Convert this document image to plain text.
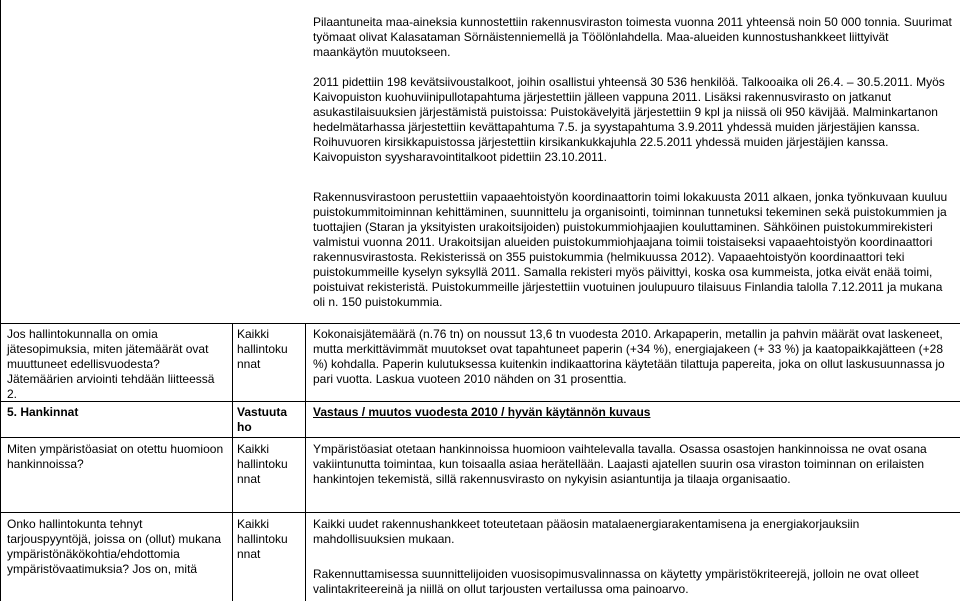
Pilaantuneita maa-aineksia kunnostettiin rakennusviraston toimesta vuonna 2011 yhteensä noin 50 000 tonnia. Suurimat työmaat olivat Kalasataman Sörnäistenniemellä ja Töölönlahdella. Maa-alueiden kunnostushankkeet liittyivät maankäytön muutokseen.

2011 pidettiin 198 kevätsiivoustalkoot, joihin osallistui yhteensä 30 536 henkilöä. Talkooaika oli 26.4. – 30.5.2011. Myös Kaivopuiston kuohuviinipullotapahtuma järjestettiin jälleen vappuna 2011. Lisäksi rakennusvirasto on jatkanut asukastilaisuuksien järjestämistä puistoissa: Puistokävelyitä järjestettiin 9 kpl ja niissä oli 950 kävijää. Malminkartanon hedelmätarhassa järjestettiin kevättapahtuma 7.5. ja syystapahtuma 3.9.2011 yhdessä muiden järjestäjien kanssa. Roihuvuoren kirsikkapuistossa järjestettiin kirsikankukkajuhla 22.5.2011 yhdessä muiden järjestäjien kanssa. Kaivopuiston syysharavointitalkoot pidettiin 23.10.2011.

Rakennusvirastoon perustettiin vapaaehtoistyön koordinaattorin toimi lokakuusta 2011 alkaen, jonka työnkuvaan kuuluu puistokummitoiminnan kehittäminen, suunnittelu ja organisointi, toiminnan tunnetuksi tekeminen sekä puistokummien ja tuottajien (Staran ja yksityisten urakoitsijoiden) puistokummiohjaajien kouluttaminen. Sähköinen puistokummirekisteri valmistui vuonna 2011. Urakoitsijan alueiden puistokummiohjaajana toimii toistaiseksi vapaaehtoistyön koordinaattori rakennusvirastosta. Rekisterissä on 355 puistokummia (helmikuussa 2012). Vapaaehtoistyön koordinaattori teki puistokummeille kyselyn syksyllä 2011. Samalla rekisteri myös päivittyi, koska osa kummeista, jotka eivät enää toimi, poistuivat rekisteristä. Puistokummeille järjestettiin vuotuinen joulupuuro tilaisuus Finlandia talolla 7.12.2011 ja mukana oli n. 150 puistokummia.

Jos hallintokunnalla on omia jätesopimuksia, miten jätemäärät ovat muuttuneet edellisvuodesta? Jätemäärien arviointi tehdään liitteessä 2.

Kaikki hallintoku nnat

Kokonaisjätemäärä (n.76 tn) on noussut 13,6 tn vuodesta 2010. Arkapaperin, metallin ja pahvin määrät ovat laskeneet, mutta merkittävimmät muutokset ovat tapahtuneet paperin (+34 %), energiajakeen (+ 33 %) ja kaatopaikkajätteen (+28 %) kohdalla. Paperin kulutuksessa kuitenkin indikaattorina käytetään tilattuja papereita, joka on ollut laskusuunnassa jo pari vuotta. Laskua vuoteen 2010 nähden on 31 prosenttia.

5. Hankinnat	Vastuuta ho

Vastaus / muutos vuodesta 2010 / hyvän käytännön kuvaus

Miten ympäristöasiat on otettu huomioon hankinnoissa?

Kaikki hallintoku nnat

Ympäristöasiat otetaan hankinnoissa huomioon vaihtelevalla tavalla. Osassa osastojen hankinnoissa ne ovat osana vakiintunutta toimintaa, kun toisaalla asiaa herätellään. Laajasti ajatellen suurin osa viraston toiminnan on erilaisten hankintojen tekemistä, sillä rakennusvirasto on nykyisin asiantuntija ja tilaaja organisaatio.

Onko hallintokunta tehnyt tarjouspyyntöjä, joissa on (ollut) mukana ympäristönäkökohtia/ehdottomia ympäristövaatimuksia? Jos on, mitä

Kaikki hallintoku nnat

Kaikki uudet rakennushankkeet toteutetaan pääosin matalaenergiarakentamisena ja energiakorjauksiin mahdollisuuksien mukaan.

Rakennuttamisessa suunnittelijoiden vuosisopimusvalinnassa on käytetty ympäristökriteerejä, jolloin ne ovat olleet valintakriteereinä ja niillä on ollut tarjousten vertailussa oma painoarvo.
